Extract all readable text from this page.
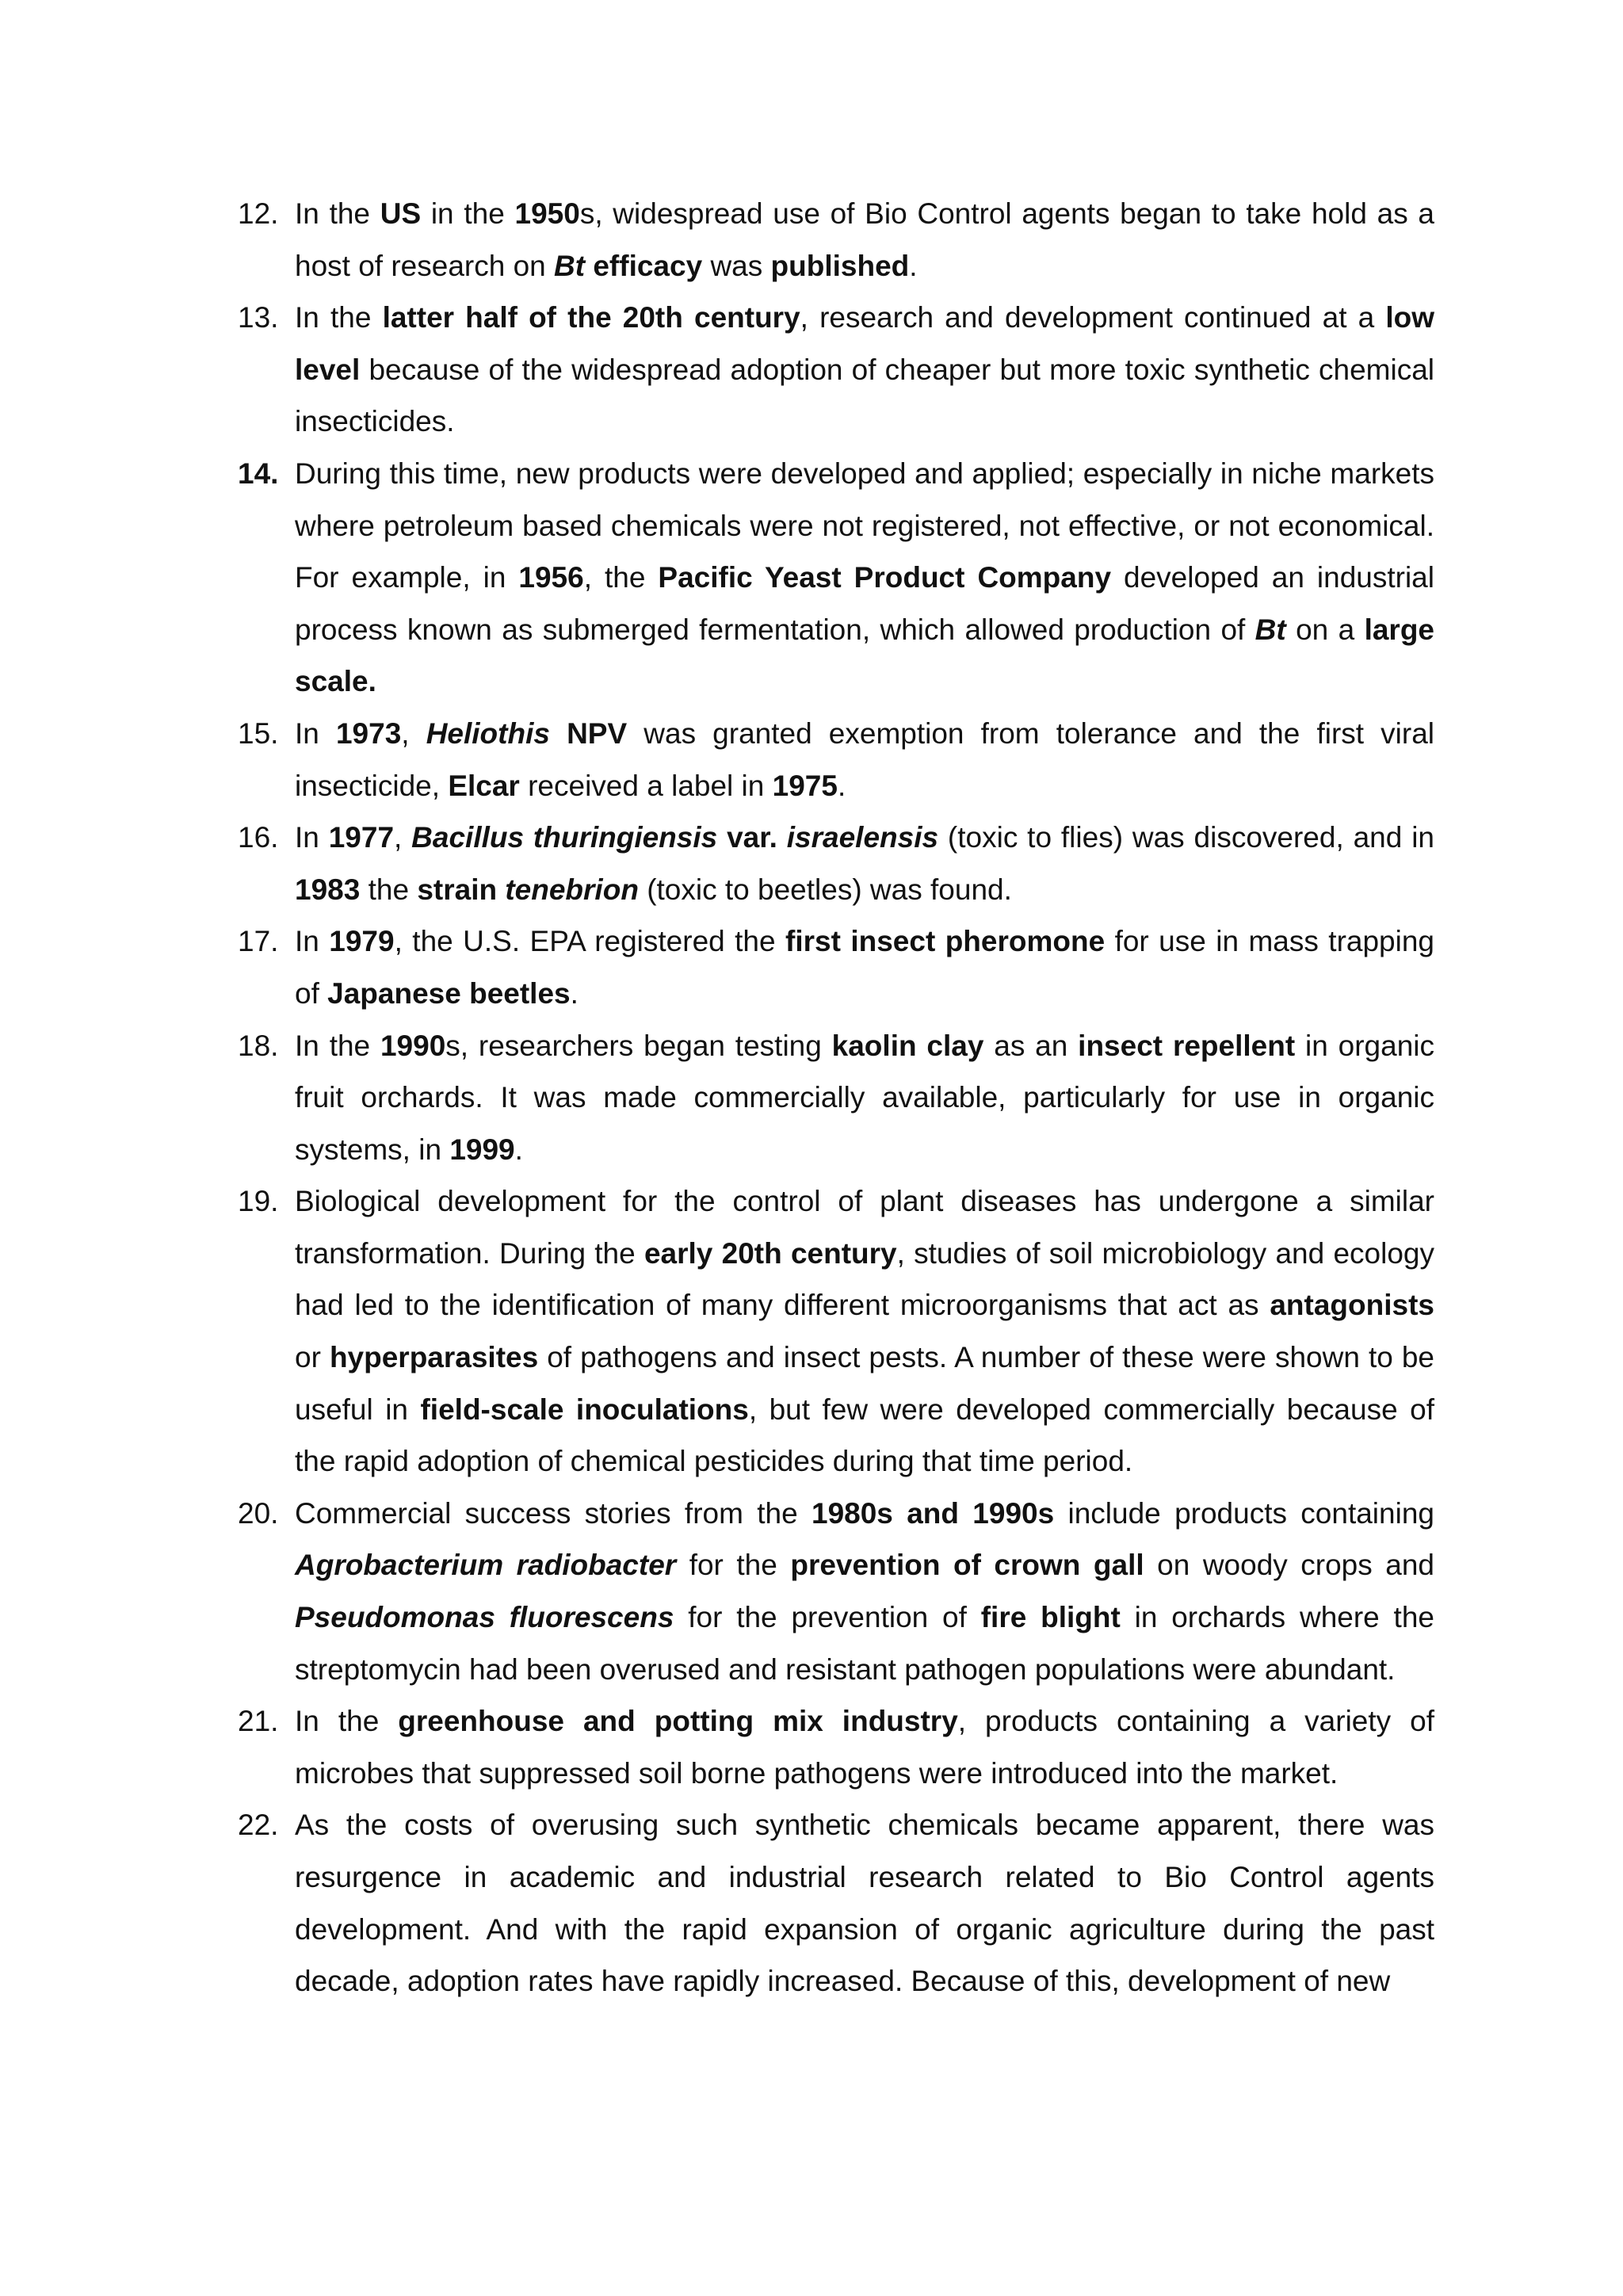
12. In the US in the 1950s, widespread use of Bio Control agents began to take hold as a host of research on Bt efficacy was published.
13. In the latter half of the 20th century, research and development continued at a low level because of the widespread adoption of cheaper but more toxic synthetic chemical insecticides.
14. During this time, new products were developed and applied; especially in niche markets where petroleum based chemicals were not registered, not effective, or not economical. For example, in 1956, the Pacific Yeast Product Company developed an industrial process known as submerged fermentation, which allowed production of Bt on a large scale.
15. In 1973, Heliothis NPV was granted exemption from tolerance and the first viral insecticide, Elcar received a label in 1975.
16. In 1977, Bacillus thuringiensis var. israelensis (toxic to flies) was discovered, and in 1983 the strain tenebrion (toxic to beetles) was found.
17. In 1979, the U.S. EPA registered the first insect pheromone for use in mass trapping of Japanese beetles.
18. In the 1990s, researchers began testing kaolin clay as an insect repellent in organic fruit orchards. It was made commercially available, particularly for use in organic systems, in 1999.
19. Biological development for the control of plant diseases has undergone a similar transformation. During the early 20th century, studies of soil microbiology and ecology had led to the identification of many different microorganisms that act as antagonists or hyperparasites of pathogens and insect pests. A number of these were shown to be useful in field-scale inoculations, but few were developed commercially because of the rapid adoption of chemical pesticides during that time period.
20. Commercial success stories from the 1980s and 1990s include products containing Agrobacterium radiobacter for the prevention of crown gall on woody crops and Pseudomonas fluorescens for the prevention of fire blight in orchards where the streptomycin had been overused and resistant pathogen populations were abundant.
21. In the greenhouse and potting mix industry, products containing a variety of microbes that suppressed soil borne pathogens were introduced into the market.
22. As the costs of overusing such synthetic chemicals became apparent, there was resurgence in academic and industrial research related to Bio Control agents development. And with the rapid expansion of organic agriculture during the past decade, adoption rates have rapidly increased. Because of this, development of new
